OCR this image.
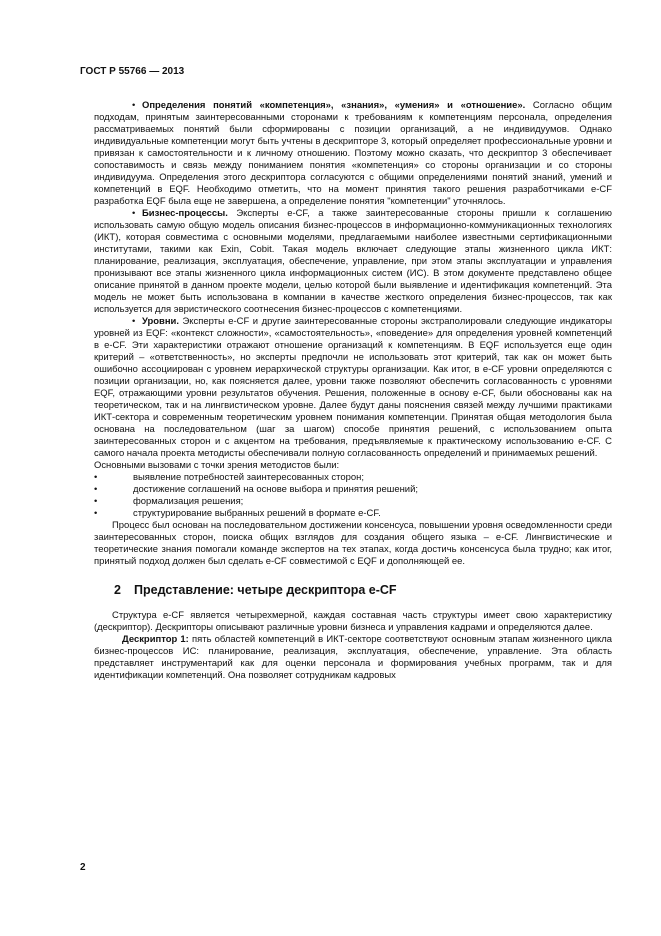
ГОСТ Р 55766 — 2013

• Определения понятий «компетенция», «знания», «умения» и «отношение». Согласно общим подходам, принятым заинтересованными сторонами к требованиям к компетенциям персонала, определения рассматриваемых понятий были сформированы с позиции организаций, а не индивидуумов. Однако индивидуальные компетенции могут быть учтены в дескрипторе 3, который определяет профессиональные уровни и привязан к самостоятельности и к личному отношению. Поэтому можно сказать, что дескриптор 3 обеспечивает сопоставимость и связь между пониманием понятия «компетенция» со стороны организации и со стороны индивидуума. Определения этого дескриптора согласуются с общими определениями понятий знаний, умений и компетенций в EQF. Необходимо отметить, что на момент принятия такого решения разработчиками e-CF разработка EQF была еще не завершена, а определение понятия "компетенции" уточнялось.

• Бизнес-процессы. Эксперты e-CF, а также заинтересованные стороны пришли к соглашению использовать самую общую модель описания бизнес-процессов в информационно-коммуникационных технологиях (ИКТ), которая совместима с основными моделями, предлагаемыми наиболее известными сертификационными институтами, такими как Exin, Cobit. Такая модель включает следующие этапы жизненного цикла ИКТ: планирование, реализация, эксплуатация, обеспечение, управление, при этом этапы эксплуатации и управления пронизывают все этапы жизненного цикла информационных систем (ИС). В этом документе представлено общее описание принятой в данном проекте модели, целью которой были выявление и идентификация компетенций. Эта модель не может быть использована в компании в качестве жесткого определения бизнес-процессов, так как используется для эвристического соотнесения бизнес-процессов с компетенциями.

• Уровни. Эксперты e-CF и другие заинтересованные стороны экстраполировали следующие индикаторы уровней из EQF: «контекст сложности», «самостоятельность», «поведение» для определения уровней компетенций в e-CF. Эти характеристики отражают отношение организаций к компетенциям. В EQF используется еще один критерий – «ответственность», но эксперты предпочли не использовать этот критерий, так как он может быть ошибочно ассоциирован с уровнем иерархической структуры организации. Как итог, в e-CF уровни определяются с позиции организации, но, как поясняется далее, уровни также позволяют обеспечить согласованность с уровнями EQF, отражающими уровни результатов обучения. Решения, положенные в основу e-CF, были обоснованы как на теоретическом, так и на лингвистическом уровне. Далее будут даны пояснения связей между лучшими практиками ИКТ-сектора и современным теоретическим уровнем понимания компетенции. Принятая общая методология была основана на последовательном (шаг за шагом) способе принятия решений, с использованием опыта заинтересованных сторон и с акцентом на требования, предъявляемые к практическому использованию e-CF. С самого начала проекта методисты обеспечивали полную согласованность определений и принимаемых решений.

Основными вызовами с точки зрения методистов были:

•	выявление потребностей заинтересованных сторон;
•	достижение соглашений на основе выбора и принятия решений;
•	формализация решения;
•	структурирование выбранных решений в формате e-CF.

Процесс был основан на последовательном достижении консенсуса, повышении уровня осведомленности среди заинтересованных сторон, поиска общих взглядов для создания общего языка – e-CF. Лингвистические и теоретические знания помогали команде экспертов на тех этапах, когда достичь консенсуса была трудно; как итог, принятый подход должен был сделать e-CF совместимой с EQF и дополняющей ее.

2 Представление: четыре дескриптора e-CF

Структура e-CF является четырехмерной, каждая составная часть структуры имеет свою характеристику (дескриптор). Дескрипторы описывают различные уровни бизнеса и управления кадрами и определяются далее.

Дескриптор 1: пять областей компетенций в ИКТ-секторе соответствуют основным этапам жизненного цикла бизнес-процессов ИС: планирование, реализация, эксплуатация, обеспечение, управление. Эта область представляет инструментарий как для оценки персонала и формирования учебных программ, так и для идентификации компетенций. Она позволяет сотрудникам кадровых

2
